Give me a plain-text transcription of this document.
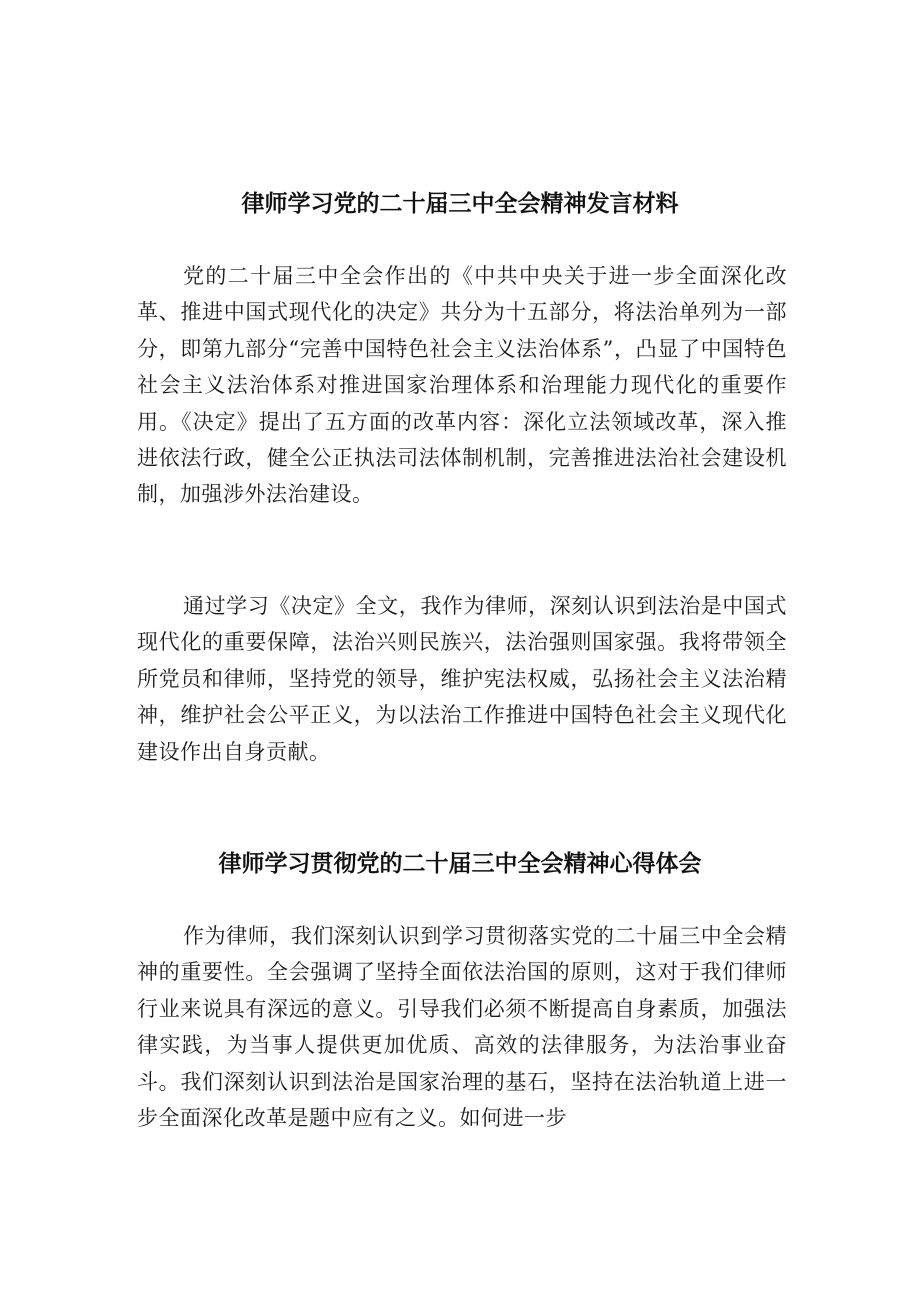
律师学习党的二十届三中全会精神发言材料

党的二十届三中全会作出的《中共中央关于进一步全面深化改革、推进中国式现代化的决定》共分为十五部分，将法治单列为一部分，即第九部分“完善中国特色社会主义法治体系”，凸显了中国特色社会主义法治体系对推进国家治理体系和治理能力现代化的重要作用。《决定》提出了五方面的改革内容：深化立法领域改革，深入推进依法行政，健全公正执法司法体制机制，完善推进法治社会建设机制，加强涉外法治建设。

通过学习《决定》全文，我作为律师，深刻认识到法治是中国式现代化的重要保障，法治兴则民族兴，法治强则国家强。我将带领全所党员和律师，坚持党的领导，维护宪法权威，弘扬社会主义法治精神，维护社会公平正义，为以法治工作推进中国特色社会主义现代化建设作出自身贡献。

律师学习贯彻党的二十届三中全会精神心得体会

作为律师，我们深刻认识到学习贯彻落实党的二十届三中全会精神的重要性。全会强调了坚持全面依法治国的原则，这对于我们律师行业来说具有深远的意义。引导我们必须不断提高自身素质，加强法律实践，为当事人提供更加优质、高效的法律服务，为法治事业奋斗。我们深刻认识到法治是国家治理的基石，坚持在法治轨道上进一步全面深化改革是题中应有之义。如何进一步
